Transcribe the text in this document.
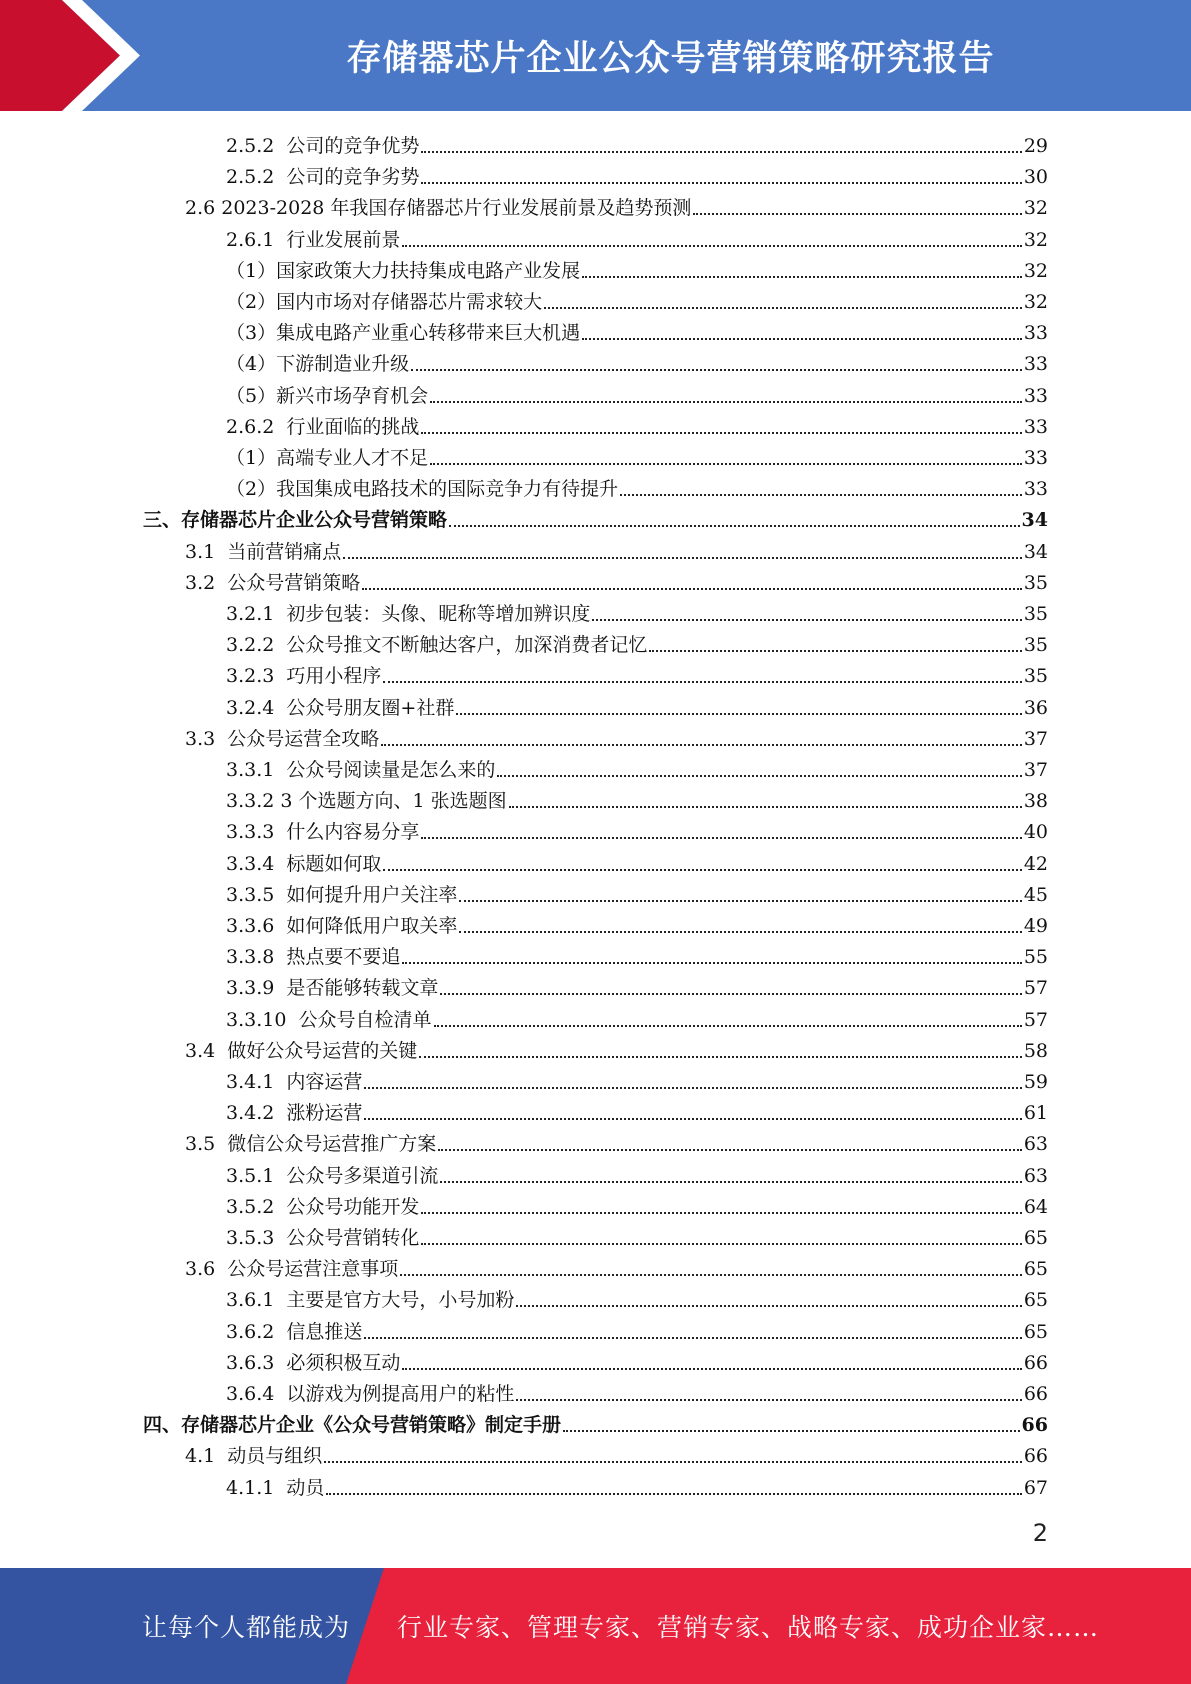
存储器芯片企业公众号营销策略研究报告
2.5.2  公司的竞争优势	29
2.5.2  公司的竞争劣势	30
2.6 2023-2028 年我国存储器芯片行业发展前景及趋势预测	32
2.6.1  行业发展前景	32
（1）国家政策大力扶持集成电路产业发展	32
（2）国内市场对存储器芯片需求较大	32
（3）集成电路产业重心转移带来巨大机遇	33
（4）下游制造业升级	33
（5）新兴市场孕育机会	33
2.6.2  行业面临的挑战	33
（1）高端专业人才不足	33
（2）我国集成电路技术的国际竞争力有待提升	33
三、存储器芯片企业公众号营销策略	34
3.1  当前营销痛点	34
3.2  公众号营销策略	35
3.2.1  初步包装：头像、昵称等增加辨识度	35
3.2.2  公众号推文不断触达客户，加深消费者记忆	35
3.2.3  巧用小程序	35
3.2.4  公众号朋友圈+社群	36
3.3  公众号运营全攻略	37
3.3.1  公众号阅读量是怎么来的	37
3.3.2 3 个选题方向、1 张选题图	38
3.3.3  什么内容易分享	40
3.3.4  标题如何取	42
3.3.5  如何提升用户关注率	45
3.3.6  如何降低用户取关率	49
3.3.8  热点要不要追	55
3.3.9  是否能够转载文章	57
3.3.10  公众号自检清单	57
3.4  做好公众号运营的关键	58
3.4.1  内容运营	59
3.4.2  涨粉运营	61
3.5  微信公众号运营推广方案	63
3.5.1  公众号多渠道引流	63
3.5.2  公众号功能开发	64
3.5.3  公众号营销转化	65
3.6  公众号运营注意事项	65
3.6.1  主要是官方大号，小号加粉	65
3.6.2  信息推送	65
3.6.3  必须积极互动	66
3.6.4  以游戏为例提高用户的粘性	66
四、存储器芯片企业《公众号营销策略》制定手册	66
4.1  动员与组织	66
4.1.1  动员	67
2
让每个人都能成为 行业专家、管理专家、营销专家、战略专家、成功企业家……
